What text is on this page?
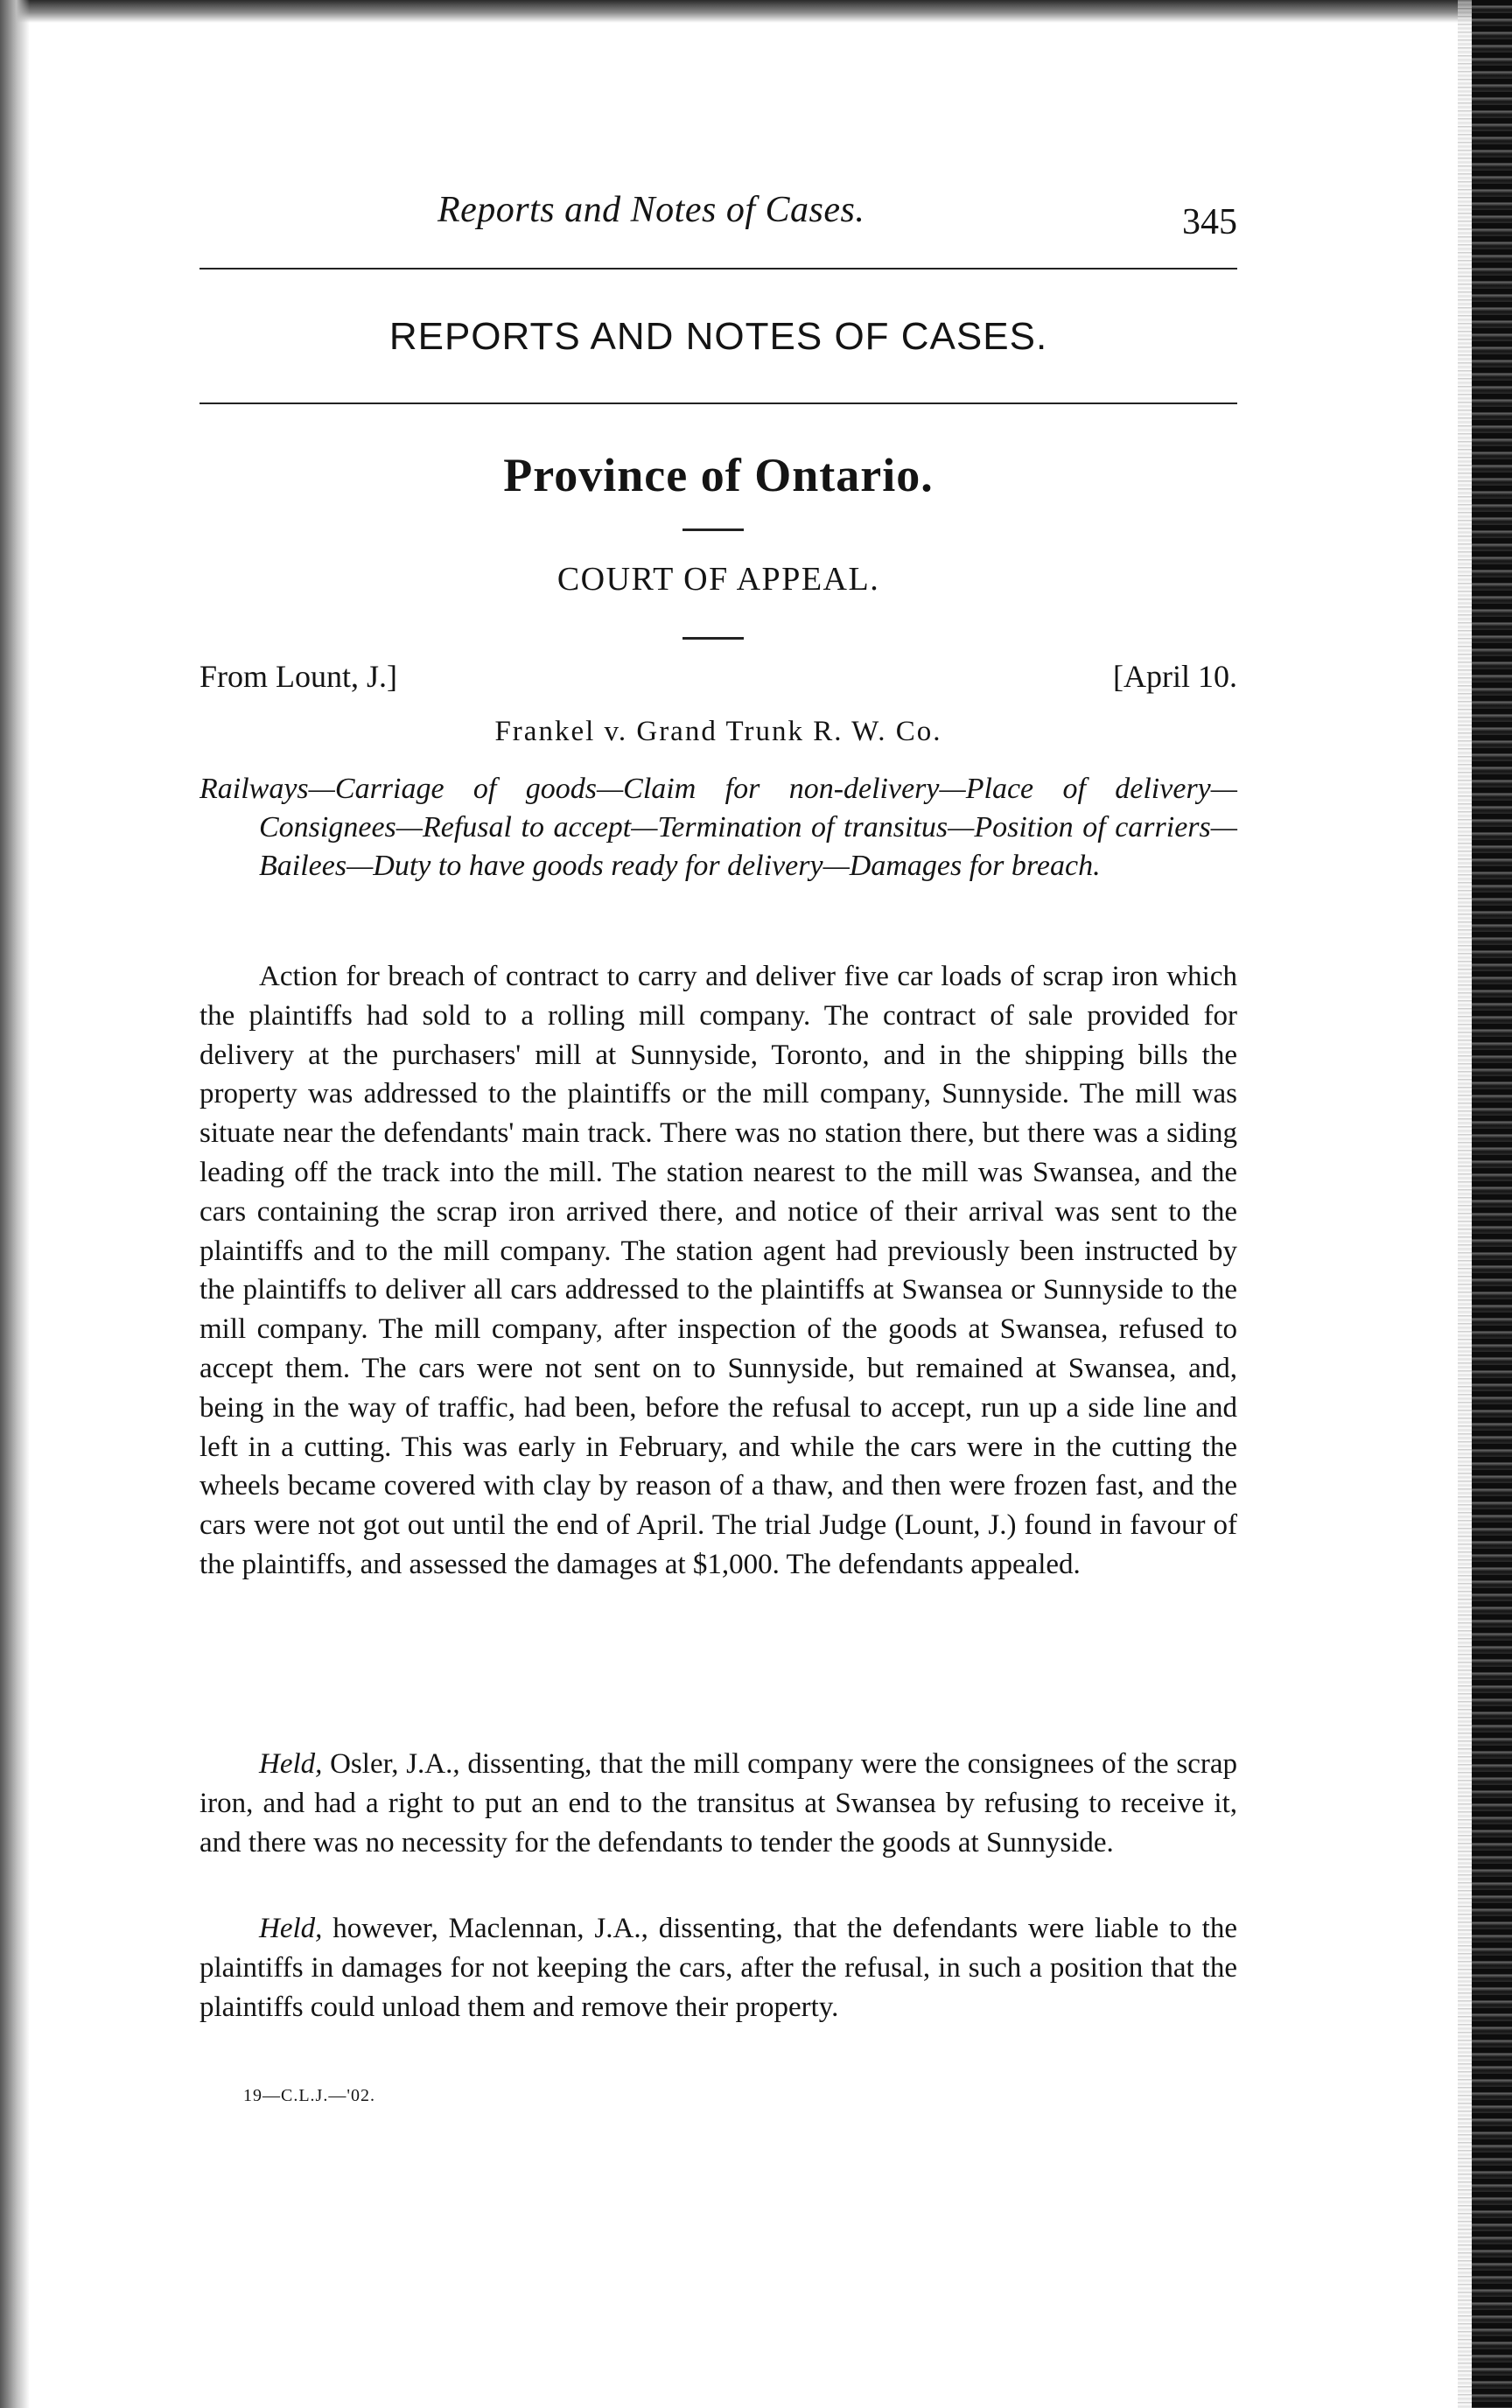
Reports and Notes of Cases.	345
REPORTS AND NOTES OF CASES.
Province of Ontario.
COURT OF APPEAL.
From Lount, J.]	[April 10.
Frankel v. Grand Trunk R. W. Co.
Railways—Carriage of goods—Claim for non-delivery—Place of delivery—
Consignees—Refusal to accept—Termination of transitus—Position of carriers—Bailees—Duty to have goods ready for delivery—Damages for breach.

Action for breach of contract to carry and deliver five car loads of scrap iron which the plaintiffs had sold to a rolling mill company. The contract of sale provided for delivery at the purchasers' mill at Sunnyside, Toronto, and in the shipping bills the property was addressed to the plaintiffs or the mill company, Sunnyside. The mill was situate near the defendants' main track. There was no station there, but there was a siding leading off the track into the mill. The station nearest to the mill was Swansea, and the cars containing the scrap iron arrived there, and notice of their arrival was sent to the plaintiffs and to the mill company. The station agent had previously been instructed by the plaintiffs to deliver all cars addressed to the plaintiffs at Swansea or Sunnyside to the mill company. The mill company, after inspection of the goods at Swansea, refused to accept them. The cars were not sent on to Sunnyside, but remained at Swansea, and, being in the way of traffic, had been, before the refusal to accept, run up a side line and left in a cutting. This was early in February, and while the cars were in the cutting the wheels became covered with clay by reason of a thaw, and then were frozen fast, and the cars were not got out until the end of April. The trial Judge (Lount, J.) found in favour of the plaintiffs, and assessed the damages at $1,000. The defendants appealed.

Held, Osler, J.A., dissenting, that the mill company were the consignees of the scrap iron, and had a right to put an end to the transitus at Swansea by refusing to receive it, and there was no necessity for the defendants to tender the goods at Sunnyside.

Held, however, Maclennan, J.A., dissenting, that the defendants were liable to the plaintiffs in damages for not keeping the cars, after the refusal, in such a position that the plaintiffs could unload them and remove their property.

19—C.L.J.—'02.
